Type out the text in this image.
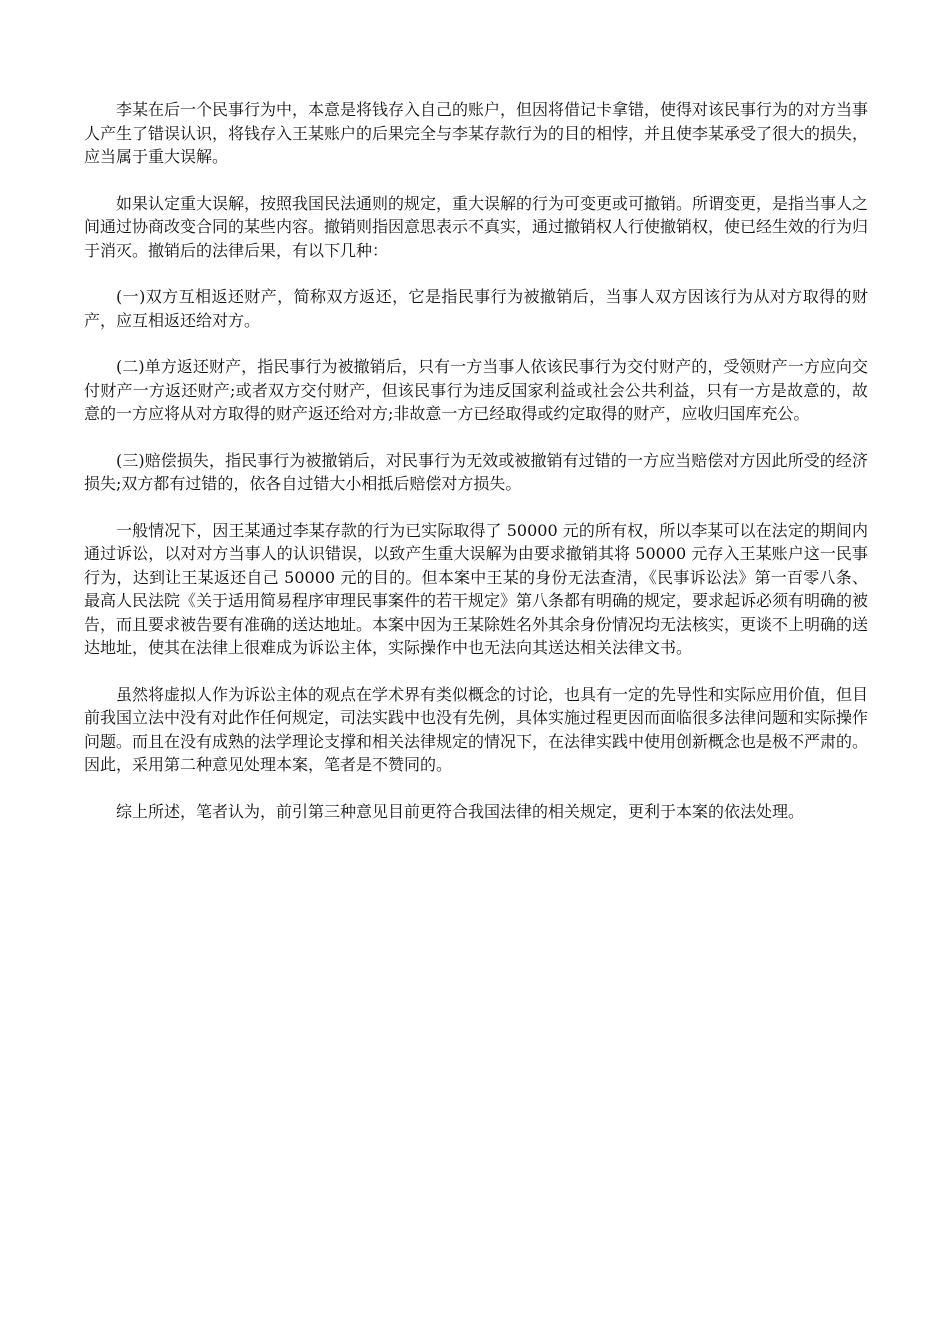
李某在后一个民事行为中，本意是将钱存入自己的账户，但因将借记卡拿错，使得对该民事行为的对方当事人产生了错误认识，将钱存入王某账户的后果完全与李某存款行为的目的相悖，并且使李某承受了很大的损失，应当属于重大误解。

如果认定重大误解，按照我国民法通则的规定，重大误解的行为可变更或可撤销。所谓变更，是指当事人之间通过协商改变合同的某些内容。撤销则指因意思表示不真实，通过撤销权人行使撤销权，使已经生效的行为归于消灭。撤销后的法律后果，有以下几种：

(一)双方互相返还财产，简称双方返还，它是指民事行为被撤销后，当事人双方因该行为从对方取得的财产，应互相返还给对方。

(二)单方返还财产，指民事行为被撤销后，只有一方当事人依该民事行为交付财产的，受领财产一方应向交付财产一方返还财产;或者双方交付财产，但该民事行为违反国家利益或社会公共利益，只有一方是故意的，故意的一方应将从对方取得的财产返还给对方;非故意一方已经取得或约定取得的财产，应收归国库充公。

(三)赔偿损失，指民事行为被撤销后，对民事行为无效或被撤销有过错的一方应当赔偿对方因此所受的经济损失;双方都有过错的，依各自过错大小相抵后赔偿对方损失。

一般情况下，因王某通过李某存款的行为已实际取得了 50000 元的所有权，所以李某可以在法定的期间内通过诉讼，以对对方当事人的认识错误，以致产生重大误解为由要求撤销其将 50000 元存入王某账户这一民事行为，达到让王某返还自己 50000 元的目的。但本案中王某的身份无法查清，《民事诉讼法》第一百零八条、最高人民法院《关于适用简易程序审理民事案件的若干规定》第八条都有明确的规定，要求起诉必须有明确的被告，而且要求被告要有准确的送达地址。本案中因为王某除姓名外其余身份情况均无法核实，更谈不上明确的送达地址，使其在法律上很难成为诉讼主体，实际操作中也无法向其送达相关法律文书。

虽然将虚拟人作为诉讼主体的观点在学术界有类似概念的讨论，也具有一定的先导性和实际应用价值，但目前我国立法中没有对此作任何规定，司法实践中也没有先例，具体实施过程更因而面临很多法律问题和实际操作问题。而且在没有成熟的法学理论支撑和相关法律规定的情况下，在法律实践中使用创新概念也是极不严肃的。因此，采用第二种意见处理本案，笔者是不赞同的。

综上所述，笔者认为，前引第三种意见目前更符合我国法律的相关规定，更利于本案的依法处理。
